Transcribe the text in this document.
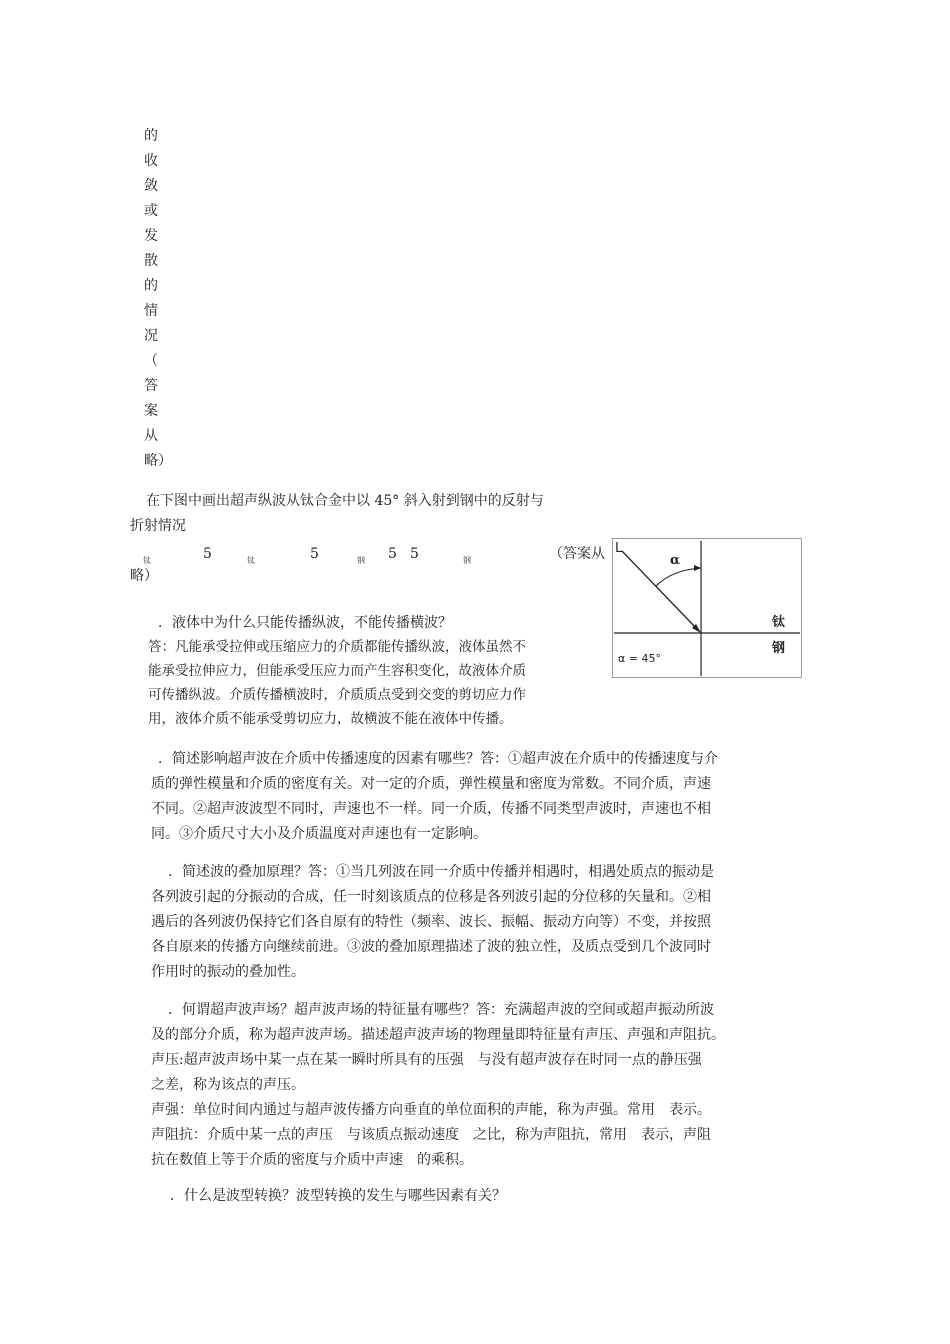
的
收
敛
或
发
散
的
情
况
（
答
案
从
略）
在下图中画出超声纵波从钛合金中以 45° 斜入射到钢中的反射与
折射情况
钛	5	钛	5	钢 5 5	钢	（答案从
略）
L
α
钛
钢
α = 45°
．液体中为什么只能传播纵波，不能传播横波？
答：凡能承受拉伸或压缩应力的介质都能传播纵波，液体虽然不
能承受拉伸应力，但能承受压应力而产生容积变化，故液体介质
可传播纵波。介质传播横波时，介质质点受到交变的剪切应力作
用，液体介质不能承受剪切应力，故横波不能在液体中传播。
．简述影响超声波在介质中传播速度的因素有哪些？答：①超声波在介质中的传播速度与介
质的弹性模量和介质的密度有关。对一定的介质，弹性模量和密度为常数。不同介质，声速
不同。②超声波波型不同时，声速也不一样。同一介质，传播不同类型声波时，声速也不相
同。③介质尺寸大小及介质温度对声速也有一定影响。
．简述波的叠加原理？答：①当几列波在同一介质中传播并相遇时，相遇处质点的振动是
各列波引起的分振动的合成，任一时刻该质点的位移是各列波引起的分位移的矢量和。②相
遇后的各列波仍保持它们各自原有的特性（频率、波长、振幅、振动方向等）不变，并按照
各自原来的传播方向继续前进。③波的叠加原理描述了波的独立性，及质点受到几个波同时
作用时的振动的叠加性。
．何谓超声波声场？超声波声场的特征量有哪些？答：充满超声波的空间或超声振动所波
及的部分介质，称为超声波声场。描述超声波声场的物理量即特征量有声压、声强和声阻抗。
声压:超声波声场中某一点在某一瞬时所具有的压强　与没有超声波存在时同一点的静压强
之差，称为该点的声压。
声强：单位时间内通过与超声波传播方向垂直的单位面积的声能，称为声强。常用　表示。
声阻抗：介质中某一点的声压　与该质点振动速度　之比，称为声阻抗，常用　表示，声阻
抗在数值上等于介质的密度与介质中声速　的乘积。
．什么是波型转换？波型转换的发生与哪些因素有关？
